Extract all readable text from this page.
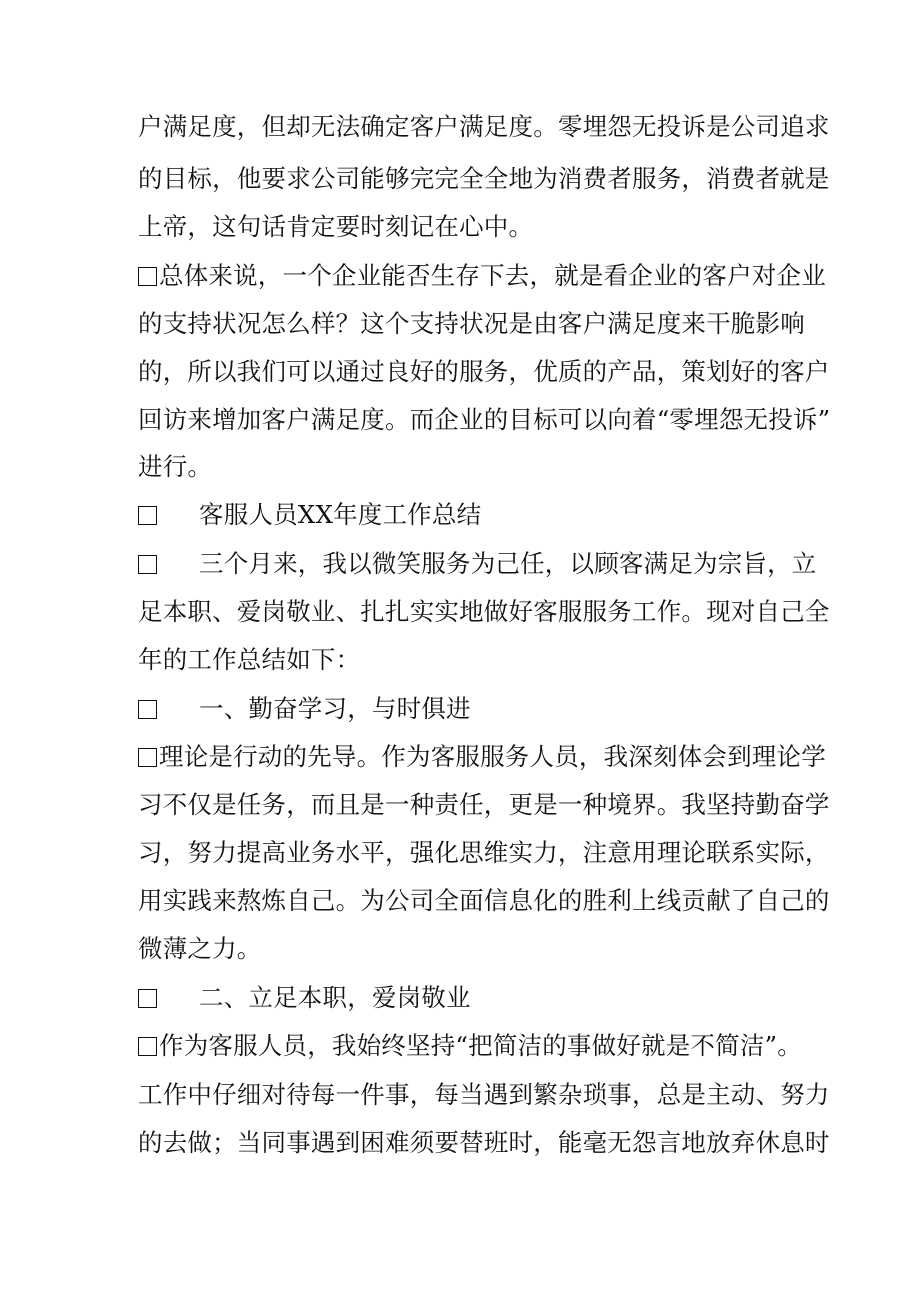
户满足度，但却无法确定客户满足度。零埋怨无投诉是公司追求
的目标，他要求公司能够完完全全地为消费者服务，消费者就是
上帝，这句话肯定要时刻记在心中。
总体来说，一个企业能否生存下去，就是看企业的客户对企业
的支持状况怎么样？这个支持状况是由客户满足度来干脆影响
的，所以我们可以通过良好的服务，优质的产品，策划好的客户
回访来增加客户满足度。而企业的目标可以向着“零埋怨无投诉”
进行。
客服人员XX年度工作总结
三个月来，我以微笑服务为己任，以顾客满足为宗旨，立
足本职、爱岗敬业、扎扎实实地做好客服服务工作。现对自己全
年的工作总结如下：
一、勤奋学习，与时俱进
理论是行动的先导。作为客服服务人员，我深刻体会到理论学
习不仅是任务，而且是一种责任，更是一种境界。我坚持勤奋学
习，努力提高业务水平，强化思维实力，注意用理论联系实际，
用实践来熬炼自己。为公司全面信息化的胜利上线贡献了自己的
微薄之力。
二、立足本职，爱岗敬业
作为客服人员，我始终坚持“把简洁的事做好就是不简洁”。
工作中仔细对待每一件事，每当遇到繁杂琐事，总是主动、努力
的去做；当同事遇到困难须要替班时，能毫无怨言地放弃休息时
